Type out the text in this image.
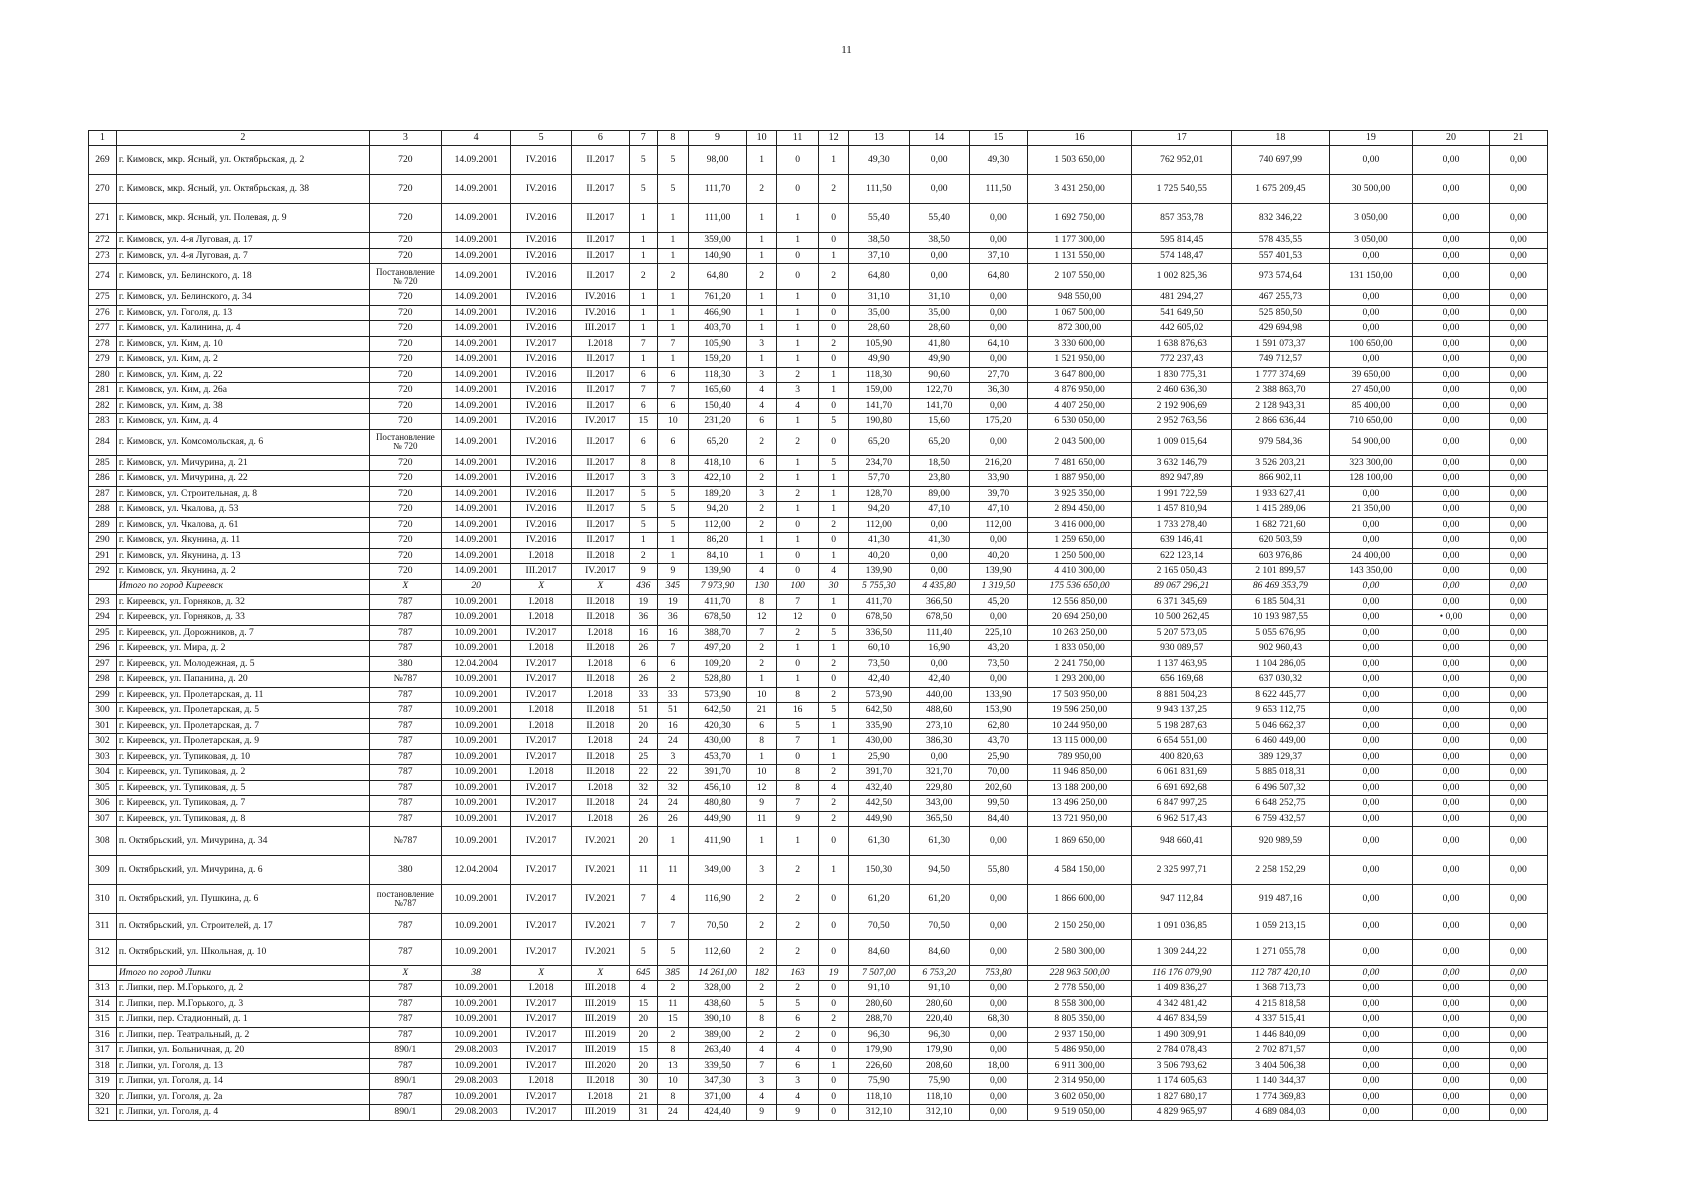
11
1	2	3	4	5	6	7	8	9	10	11	12	13	14	15	16	17	18	19	20	21
269	г. Кимовск, мкр. Ясный, ул. Октябрьская, д. 2	720	14.09.2001	IV.2016	II.2017	5	5	98,00	1	0	1	49,30	0,00	49,30	1 503 650,00	762 952,01	740 697,99	0,00	0,00	0,00
270	г. Кимовск, мкр. Ясный, ул. Октябрьская, д. 38	720	14.09.2001	IV.2016	II.2017	5	5	111,70	2	0	2	111,50	0,00	111,50	3 431 250,00	1 725 540,55	1 675 209,45	30 500,00	0,00	0,00
271	г. Кимовск, мкр. Ясный, ул. Полевая, д. 9	720	14.09.2001	IV.2016	II.2017	1	1	111,00	1	1	0	55,40	55,40	0,00	1 692 750,00	857 353,78	832 346,22	3 050,00	0,00	0,00
272	г. Кимовск, ул. 4-я Луговая, д. 17	720	14.09.2001	IV.2016	II.2017	1	1	359,00	1	1	0	38,50	38,50	0,00	1 177 300,00	595 814,45	578 435,55	3 050,00	0,00	0,00
273	г. Кимовск, ул. 4-я Луговая, д. 7	720	14.09.2001	IV.2016	II.2017	1	1	140,90	1	0	1	37,10	0,00	37,10	1 131 550,00	574 148,47	557 401,53	0,00	0,00	0,00
274	г. Кимовск, ул. Белинского, д. 18	Постановление № 720	14.09.2001	IV.2016	II.2017	2	2	64,80	2	0	2	64,80	0,00	64,80	2 107 550,00	1 002 825,36	973 574,64	131 150,00	0,00	0,00
275	г. Кимовск, ул. Белинского, д. 34	720	14.09.2001	IV.2016	IV.2016	1	1	761,20	1	1	0	31,10	31,10	0,00	948 550,00	481 294,27	467 255,73	0,00	0,00	0,00
276	г. Кимовск, ул. Гоголя, д. 13	720	14.09.2001	IV.2016	IV.2016	1	1	466,90	1	1	0	35,00	35,00	0,00	1 067 500,00	541 649,50	525 850,50	0,00	0,00	0,00
277	г. Кимовск, ул. Калинина, д. 4	720	14.09.2001	IV.2016	III.2017	1	1	403,70	1	1	0	28,60	28,60	0,00	872 300,00	442 605,02	429 694,98	0,00	0,00	0,00
278	г. Кимовск, ул. Ким, д. 10	720	14.09.2001	IV.2017	I.2018	7	7	105,90	3	1	2	105,90	41,80	64,10	3 330 600,00	1 638 876,63	1 591 073,37	100 650,00	0,00	0,00
279	г. Кимовск, ул. Ким, д. 2	720	14.09.2001	IV.2016	II.2017	1	1	159,20	1	1	0	49,90	49,90	0,00	1 521 950,00	772 237,43	749 712,57	0,00	0,00	0,00
280	г. Кимовск, ул. Ким, д. 22	720	14.09.2001	IV.2016	II.2017	6	6	118,30	3	2	1	118,30	90,60	27,70	3 647 800,00	1 830 775,31	1 777 374,69	39 650,00	0,00	0,00
281	г. Кимовск, ул. Ким, д. 26а	720	14.09.2001	IV.2016	II.2017	7	7	165,60	4	3	1	159,00	122,70	36,30	4 876 950,00	2 460 636,30	2 388 863,70	27 450,00	0,00	0,00
282	г. Кимовск, ул. Ким, д. 38	720	14.09.2001	IV.2016	II.2017	6	6	150,40	4	4	0	141,70	141,70	0,00	4 407 250,00	2 192 906,69	2 128 943,31	85 400,00	0,00	0,00
283	г. Кимовск, ул. Ким, д. 4	720	14.09.2001	IV.2016	IV.2017	15	10	231,20	6	1	5	190,80	15,60	175,20	6 530 050,00	2 952 763,56	2 866 636,44	710 650,00	0,00	0,00
284	г. Кимовск, ул. Комсомольская, д. 6	Постановление № 720	14.09.2001	IV.2016	II.2017	6	6	65,20	2	2	0	65,20	65,20	0,00	2 043 500,00	1 009 015,64	979 584,36	54 900,00	0,00	0,00
285	г. Кимовск, ул. Мичурина, д. 21	720	14.09.2001	IV.2016	II.2017	8	8	418,10	6	1	5	234,70	18,50	216,20	7 481 650,00	3 632 146,79	3 526 203,21	323 300,00	0,00	0,00
286	г. Кимовск, ул. Мичурина, д. 22	720	14.09.2001	IV.2016	II.2017	3	3	422,10	2	1	1	57,70	23,80	33,90	1 887 950,00	892 947,89	866 902,11	128 100,00	0,00	0,00
287	г. Кимовск, ул. Строительная, д. 8	720	14.09.2001	IV.2016	II.2017	5	5	189,20	3	2	1	128,70	89,00	39,70	3 925 350,00	1 991 722,59	1 933 627,41	0,00	0,00	0,00
288	г. Кимовск, ул. Чкалова, д. 53	720	14.09.2001	IV.2016	II.2017	5	5	94,20	2	1	1	94,20	47,10	47,10	2 894 450,00	1 457 810,94	1 415 289,06	21 350,00	0,00	0,00
289	г. Кимовск, ул. Чкалова, д. 61	720	14.09.2001	IV.2016	II.2017	5	5	112,00	2	0	2	112,00	0,00	112,00	3 416 000,00	1 733 278,40	1 682 721,60	0,00	0,00	0,00
290	г. Кимовск, ул. Якунина, д. 11	720	14.09.2001	IV.2016	II.2017	1	1	86,20	1	1	0	41,30	41,30	0,00	1 259 650,00	639 146,41	620 503,59	0,00	0,00	0,00
291	г. Кимовск, ул. Якунина, д. 13	720	14.09.2001	I.2018	II.2018	2	1	84,10	1	0	1	40,20	0,00	40,20	1 250 500,00	622 123,14	603 976,86	24 400,00	0,00	0,00
292	г. Кимовск, ул. Якунина, д. 2	720	14.09.2001	III.2017	IV.2017	9	9	139,90	4	0	4	139,90	0,00	139,90	4 410 300,00	2 165 050,43	2 101 899,57	143 350,00	0,00	0,00
	Итого по город Киреевск	X	20	X	X	436	345	7 973,90	130	100	30	5 755,30	4 435,80	1 319,50	175 536 650,00	89 067 296,21	86 469 353,79	0,00	0,00	0,00
293	г. Киреевск, ул. Горняков, д. 32	787	10.09.2001	I.2018	II.2018	19	19	411,70	8	7	1	411,70	366,50	45,20	12 556 850,00	6 371 345,69	6 185 504,31	0,00	0,00	0,00
294	г. Киреевск, ул. Горняков, д. 33	787	10.09.2001	I.2018	II.2018	36	36	678,50	12	12	0	678,50	678,50	0,00	20 694 250,00	10 500 262,45	10 193 987,55	0,00	• 0,00	0,00
295	г. Киреевск, ул. Дорожников, д. 7	787	10.09.2001	IV.2017	I.2018	16	16	388,70	7	2	5	336,50	111,40	225,10	10 263 250,00	5 207 573,05	5 055 676,95	0,00	0,00	0,00
296	г. Киреевск, ул. Мира, д. 2	787	10.09.2001	I.2018	II.2018	26	7	497,20	2	1	1	60,10	16,90	43,20	1 833 050,00	930 089,57	902 960,43	0,00	0,00	0,00
297	г. Киреевск, ул. Молодежная, д. 5	380	12.04.2004	IV.2017	I.2018	6	6	109,20	2	0	2	73,50	0,00	73,50	2 241 750,00	1 137 463,95	1 104 286,05	0,00	0,00	0,00
298	г. Киреевск, ул. Папанина, д. 20	№787	10.09.2001	IV.2017	II.2018	26	2	528,80	1	1	0	42,40	42,40	0,00	1 293 200,00	656 169,68	637 030,32	0,00	0,00	0,00
299	г. Киреевск, ул. Пролетарская, д. 11	787	10.09.2001	IV.2017	I.2018	33	33	573,90	10	8	2	573,90	440,00	133,90	17 503 950,00	8 881 504,23	8 622 445,77	0,00	0,00	0,00
300	г. Киреевск, ул. Пролетарская, д. 5	787	10.09.2001	I.2018	II.2018	51	51	642,50	21	16	5	642,50	488,60	153,90	19 596 250,00	9 943 137,25	9 653 112,75	0,00	0,00	0,00
301	г. Киреевск, ул. Пролетарская, д. 7	787	10.09.2001	I.2018	II.2018	20	16	420,30	6	5	1	335,90	273,10	62,80	10 244 950,00	5 198 287,63	5 046 662,37	0,00	0,00	0,00
302	г. Киреевск, ул. Пролетарская, д. 9	787	10.09.2001	IV.2017	I.2018	24	24	430,00	8	7	1	430,00	386,30	43,70	13 115 000,00	6 654 551,00	6 460 449,00	0,00	0,00	0,00
303	г. Киреевск, ул. Тупиковая, д. 10	787	10.09.2001	IV.2017	II.2018	25	3	453,70	1	0	1	25,90	0,00	25,90	789 950,00	400 820,63	389 129,37	0,00	0,00	0,00
304	г. Киреевск, ул. Тупиковая, д. 2	787	10.09.2001	I.2018	II.2018	22	22	391,70	10	8	2	391,70	321,70	70,00	11 946 850,00	6 061 831,69	5 885 018,31	0,00	0,00	0,00
305	г. Киреевск, ул. Тупиковая, д. 5	787	10.09.2001	IV.2017	I.2018	32	32	456,10	12	8	4	432,40	229,80	202,60	13 188 200,00	6 691 692,68	6 496 507,32	0,00	0,00	0,00
306	г. Киреевск, ул. Тупиковая, д. 7	787	10.09.2001	IV.2017	II.2018	24	24	480,80	9	7	2	442,50	343,00	99,50	13 496 250,00	6 847 997,25	6 648 252,75	0,00	0,00	0,00
307	г. Киреевск, ул. Тупиковая, д. 8	787	10.09.2001	IV.2017	I.2018	26	26	449,90	11	9	2	449,90	365,50	84,40	13 721 950,00	6 962 517,43	6 759 432,57	0,00	0,00	0,00
308	п. Октябрьский, ул. Мичурина, д. 34	№787	10.09.2001	IV.2017	IV.2021	20	1	411,90	1	1	0	61,30	61,30	0,00	1 869 650,00	948 660,41	920 989,59	0,00	0,00	0,00
309	п. Октябрьский, ул. Мичурина, д. 6	380	12.04.2004	IV.2017	IV.2021	11	11	349,00	3	2	1	150,30	94,50	55,80	4 584 150,00	2 325 997,71	2 258 152,29	0,00	0,00	0,00
310	п. Октябрьский, ул. Пушкина, д. 6	постановление №787	10.09.2001	IV.2017	IV.2021	7	4	116,90	2	2	0	61,20	61,20	0,00	1 866 600,00	947 112,84	919 487,16	0,00	0,00	0,00
311	п. Октябрьский, ул. Строителей, д. 17	787	10.09.2001	IV.2017	IV.2021	7	7	70,50	2	2	0	70,50	70,50	0,00	2 150 250,00	1 091 036,85	1 059 213,15	0,00	0,00	0,00
312	п. Октябрьский, ул. Школьная, д. 10	787	10.09.2001	IV.2017	IV.2021	5	5	112,60	2	2	0	84,60	84,60	0,00	2 580 300,00	1 309 244,22	1 271 055,78	0,00	0,00	0,00
	Итого по город Липки	X	38	X	X	645	385	14 261,00	182	163	19	7 507,00	6 753,20	753,80	228 963 500,00	116 176 079,90	112 787 420,10	0,00	0,00	0,00
313	г. Липки, пер. М.Горького, д. 2	787	10.09.2001	I.2018	III.2018	4	2	328,00	2	2	0	91,10	91,10	0,00	2 778 550,00	1 409 836,27	1 368 713,73	0,00	0,00	0,00
314	г. Липки, пер. М.Горького, д. 3	787	10.09.2001	IV.2017	III.2019	15	11	438,60	5	5	0	280,60	280,60	0,00	8 558 300,00	4 342 481,42	4 215 818,58	0,00	0,00	0,00
315	г. Липки, пер. Стадионный, д. 1	787	10.09.2001	IV.2017	III.2019	20	15	390,10	8	6	2	288,70	220,40	68,30	8 805 350,00	4 467 834,59	4 337 515,41	0,00	0,00	0,00
316	г. Липки, пер. Театральный, д. 2	787	10.09.2001	IV.2017	III.2019	20	2	389,00	2	2	0	96,30	96,30	0,00	2 937 150,00	1 490 309,91	1 446 840,09	0,00	0,00	0,00
317	г. Липки, ул. Больничная, д. 20	890/1	29.08.2003	IV.2017	III.2019	15	8	263,40	4	4	0	179,90	179,90	0,00	5 486 950,00	2 784 078,43	2 702 871,57	0,00	0,00	0,00
318	г. Липки, ул. Гоголя, д. 13	787	10.09.2001	IV.2017	III.2020	20	13	339,50	7	6	1	226,60	208,60	18,00	6 911 300,00	3 506 793,62	3 404 506,38	0,00	0,00	0,00
319	г. Липки, ул. Гоголя, д. 14	890/1	29.08.2003	I.2018	II.2018	30	10	347,30	3	3	0	75,90	75,90	0,00	2 314 950,00	1 174 605,63	1 140 344,37	0,00	0,00	0,00
320	г. Липки, ул. Гоголя, д. 2а	787	10.09.2001	IV.2017	I.2018	21	8	371,00	4	4	0	118,10	118,10	0,00	3 602 050,00	1 827 680,17	1 774 369,83	0,00	0,00	0,00
321	г. Липки, ул. Гоголя, д. 4	890/1	29.08.2003	IV.2017	III.2019	31	24	424,40	9	9	0	312,10	312,10	0,00	9 519 050,00	4 829 965,97	4 689 084,03	0,00	0,00	0,00
